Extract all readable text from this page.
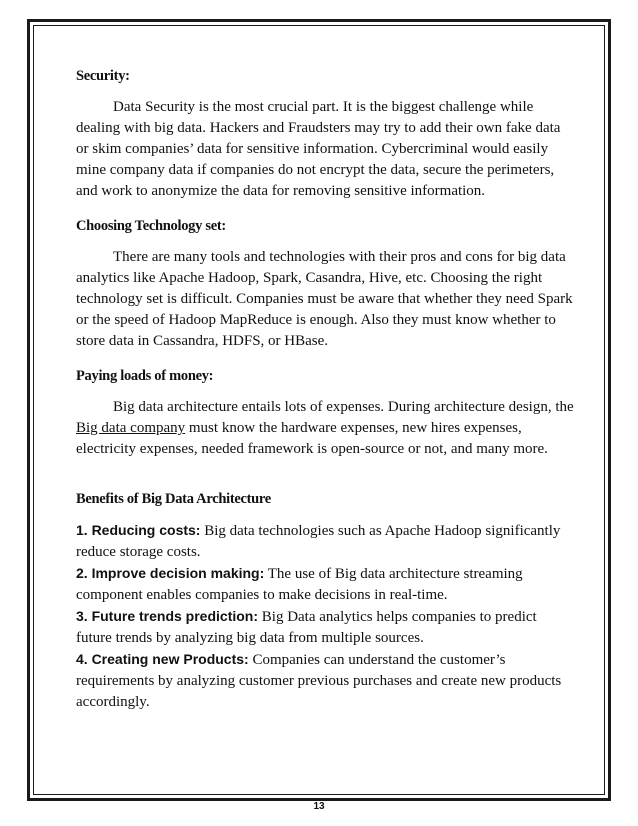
Security:

Data Security is the most crucial part. It is the biggest challenge while dealing with big data. Hackers and Fraudsters may try to add their own fake data or skim companies’ data for sensitive information. Cybercriminal would easily mine company data if companies do not encrypt the data, secure the perimeters, and work to anonymize the data for removing sensitive information.

Choosing Technology set:

There are many tools and technologies with their pros and cons for big data analytics like Apache Hadoop, Spark, Casandra, Hive, etc. Choosing the right technology set is difficult. Companies must be aware that whether they need Spark or the speed of Hadoop MapReduce is enough. Also they must know whether to store data in Cassandra, HDFS, or HBase.

Paying loads of money:

Big data architecture entails lots of expenses. During architecture design, the Big data company must know the hardware expenses, new hires expenses, electricity expenses, needed framework is open-source or not, and many more.

Benefits of Big Data Architecture

1. Reducing costs: Big data technologies such as Apache Hadoop significantly reduce storage costs.

2. Improve decision making: The use of Big data architecture streaming component enables companies to make decisions in real-time.

3. Future trends prediction: Big Data analytics helps companies to predict future trends by analyzing big data from multiple sources.

4. Creating new Products: Companies can understand the customer’s requirements by analyzing customer previous purchases and create new products accordingly.

13
